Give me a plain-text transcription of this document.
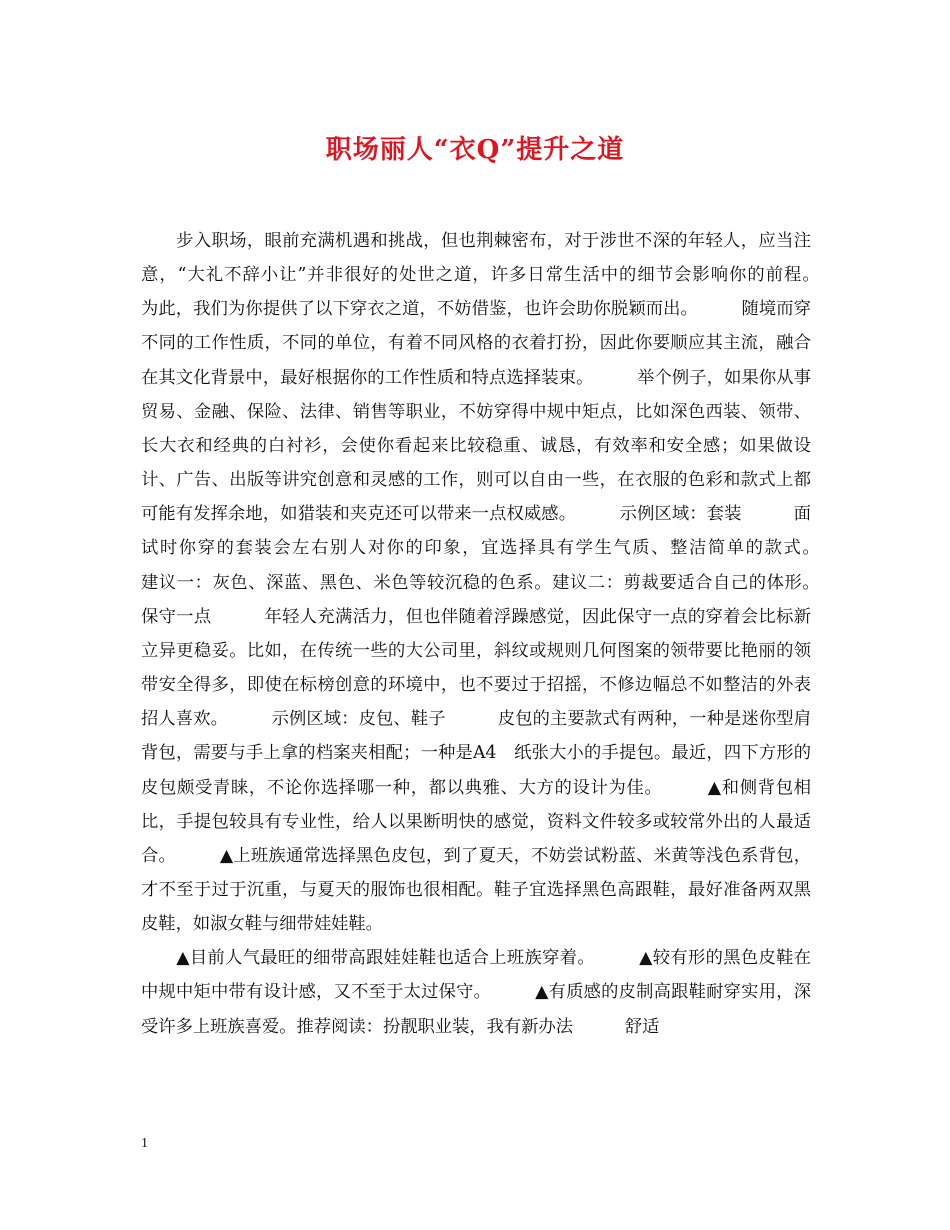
职场丽人“衣Q”提升之道

　　步入职场，眼前充满机遇和挑战，但也荆棘密布，对于涉世不深的年轻人，应当注意，“大礼不辞小让”并非很好的处世之道，许多日常生活中的细节会影响你的前程。　　　为此，我们为你提供了以下穿衣之道，不妨借鉴，也许会助你脱颖而出。　　　随境而穿　　　不同的工作性质，不同的单位，有着不同风格的衣着打扮，因此你要顺应其主流，融合在其文化背景中，最好根据你的工作性质和特点选择装束。　　　举个例子，如果你从事贸易、金融、保险、法律、销售等职业，不妨穿得中规中矩点，比如深色西装、领带、长大衣和经典的白衬衫，会使你看起来比较稳重、诚恳，有效率和安全感；如果做设计、广告、出版等讲究创意和灵感的工作，则可以自由一些，在衣服的色彩和款式上都可能有发挥余地，如猎装和夹克还可以带来一点权威感。　　　示例区域：套装　　　面试时你穿的套装会左右别人对你的印象，宜选择具有学生气质、整洁简单的款式。　　　建议一：灰色、深蓝、黑色、米色等较沉稳的色系。建议二：剪裁要适合自己的体形。　　　保守一点　　　年轻人充满活力，但也伴随着浮躁感觉，因此保守一点的穿着会比标新立异更稳妥。比如，在传统一些的大公司里，斜纹或规则几何图案的领带要比艳丽的领带安全得多，即使在标榜创意的环境中，也不要过于招摇，不修边幅总不如整洁的外表招人喜欢。　　　示例区域：皮包、鞋子　　　皮包的主要款式有两种，一种是迷你型肩背包，需要与手上拿的档案夹相配；一种是A4　纸张大小的手提包。最近，四下方形的皮包颇受青睐，不论你选择哪一种，都以典雅、大方的设计为佳。　　　▲和侧背包相比，手提包较具有专业性，给人以果断明快的感觉，资料文件较多或较常外出的人最适合。　　　▲上班族通常选择黑色皮包，到了夏天，不妨尝试粉蓝、米黄等浅色系背包，才不至于过于沉重，与夏天的服饰也很相配。鞋子宜选择黑色高跟鞋，最好准备两双黑皮鞋，如淑女鞋与细带娃娃鞋。
　　▲目前人气最旺的细带高跟娃娃鞋也适合上班族穿着。　　　▲较有形的黑色皮鞋在中规中矩中带有设计感，又不至于太过保守。　　　▲有质感的皮制高跟鞋耐穿实用，深受许多上班族喜爱。推荐阅读：扮靓职业装，我有新办法　　　舒适

1
